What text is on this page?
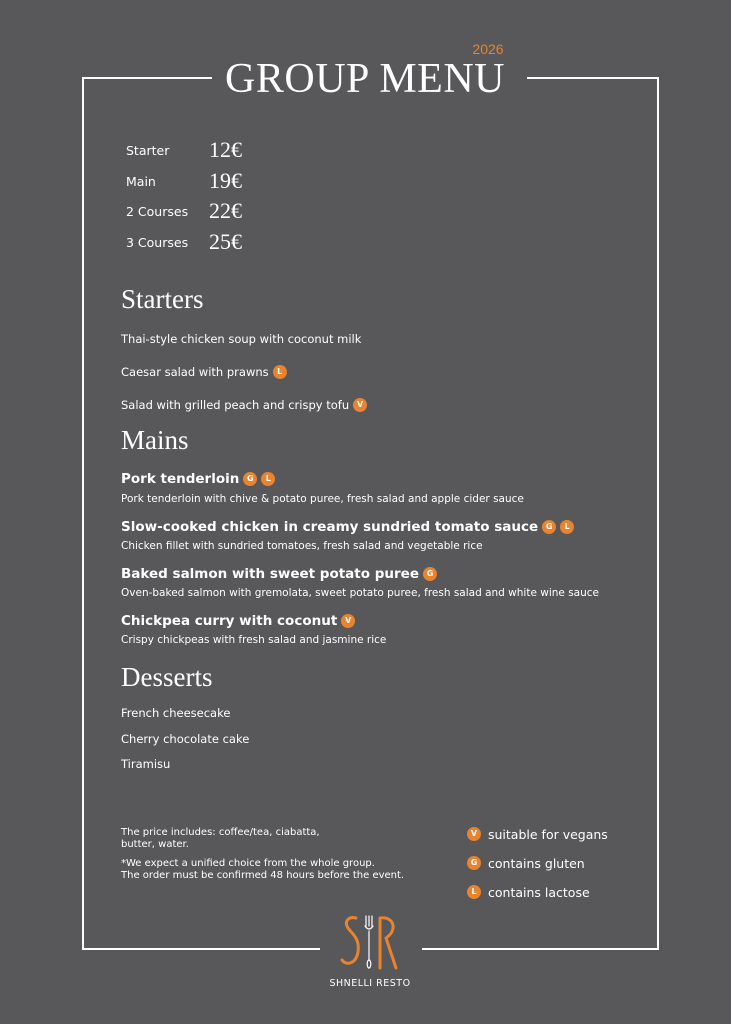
2026
GROUP MENU
Starter	12€
Main	19€
2 Courses 22€
3 Courses 25€
Starters
Thai-style chicken soup with coconut milk
Caesar salad with prawns	L
Salad with grilled peach and crispy tofu V
Mains
Pork tenderloin G	L
Pork tenderloin with chive & potato puree, fresh salad and apple cider sauce
Slow-cooked chicken in creamy sundried tomato sauce G	L
Chicken fillet with sundried tomatoes, fresh salad and vegetable rice
Baked salmon with sweet potato puree G
Oven-baked salmon with gremolata, sweet potato puree, fresh salad and white wine sauce
Chickpea curry with coconut V
Crispy chickpeas with fresh salad and jasmine rice
Desserts
French cheesecake
Cherry chocolate cake
Tiramisu
The price includes: coffee/tea, ciabatta,
butter, water.
*We expect a unified choice from the whole group.
The order must be confirmed 48 hours before the event.
V suitable for vegans
G contains gluten
L contains lactose
SHNELLI RESTO
